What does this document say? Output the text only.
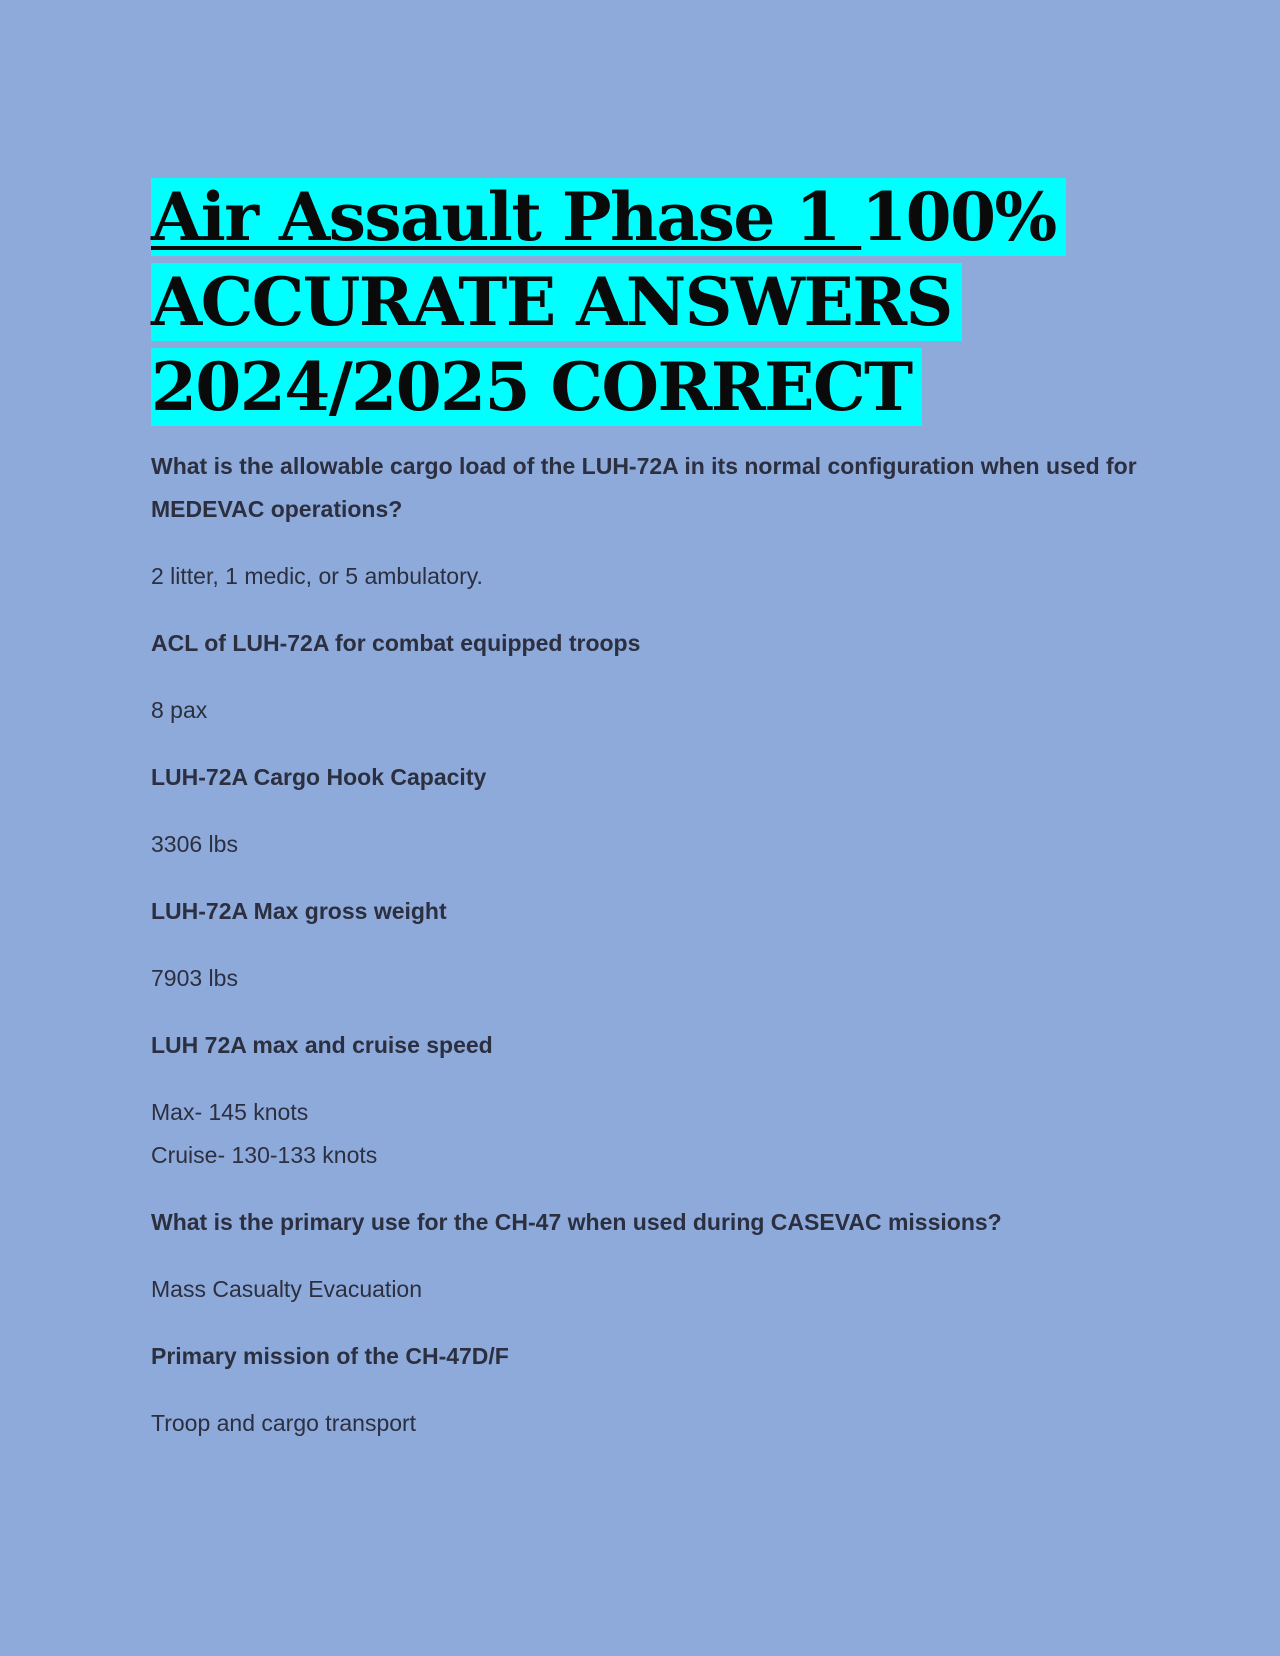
Air Assault Phase 1 100%
ACCURATE ANSWERS
2024/2025 CORRECT

What is the allowable cargo load of the LUH-72A in its normal configuration when used for MEDEVAC operations?

2 litter, 1 medic, or 5 ambulatory.

ACL of LUH-72A for combat equipped troops

8 pax

LUH-72A Cargo Hook Capacity

3306 lbs

LUH-72A Max gross weight

7903 lbs

LUH 72A max and cruise speed

Max- 145 knots
Cruise- 130-133 knots

What is the primary use for the CH-47 when used during CASEVAC missions?

Mass Casualty Evacuation

Primary mission of the CH-47D/F

Troop and cargo transport
